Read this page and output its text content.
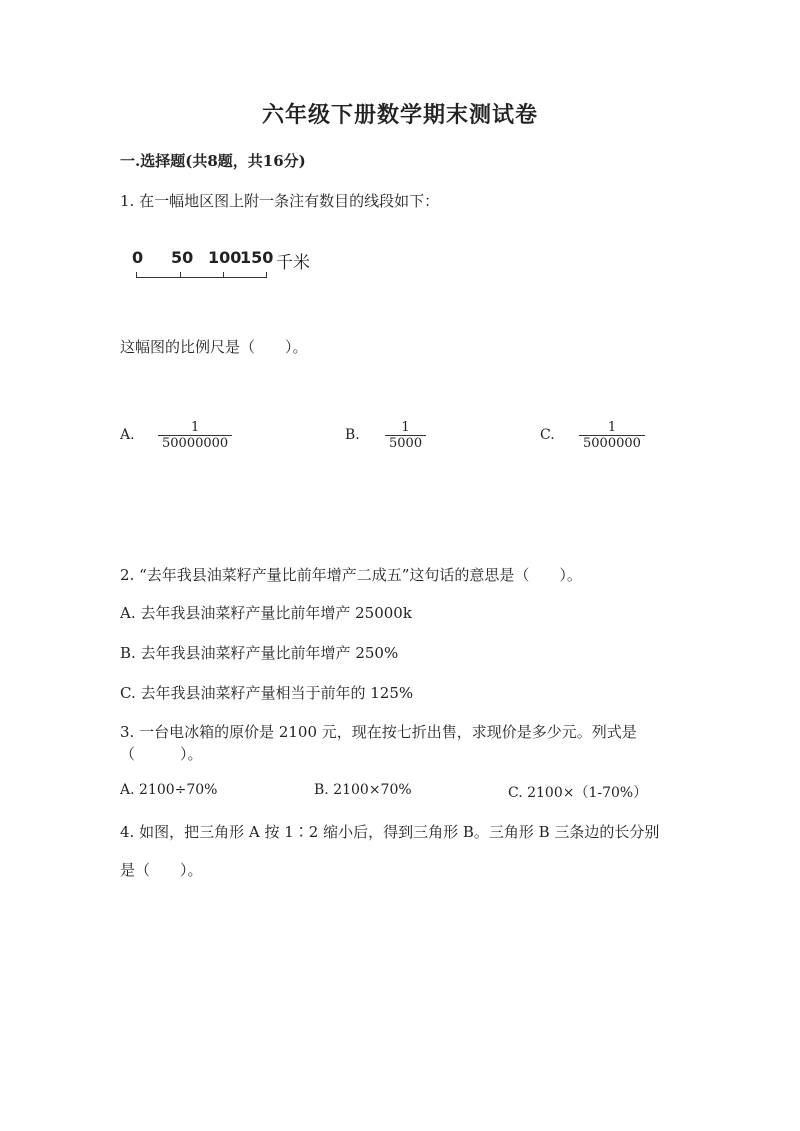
六年级下册数学期末测试卷
一.选择题(共8题，共16分)
1. 在一幅地区图上附一条注有数目的线段如下：
0 50 100
150 千米
这幅图的比例尺是（　　）。
A. $\frac{1}{50000000}$	B. $\frac{1}{5000}$	C. $\frac{1}{5000000}$
2. “去年我县油菜籽产量比前年增产二成五”这句话的意思是（　　）。
A. 去年我县油菜籽产量比前年增产 25000k
B. 去年我县油菜籽产量比前年增产 250%
C. 去年我县油菜籽产量相当于前年的 125%
3. 一台电冰箱的原价是 2100 元，现在按七折出售，求现价是多少元。列式是
（　　　）。
A. 2100÷70%	B. 2100×70%	C. 2100×（1-70%）
4. 如图，把三角形 A 按 1∶2 缩小后，得到三角形 B。三角形 B 三条边的长分别
是（　　）。
